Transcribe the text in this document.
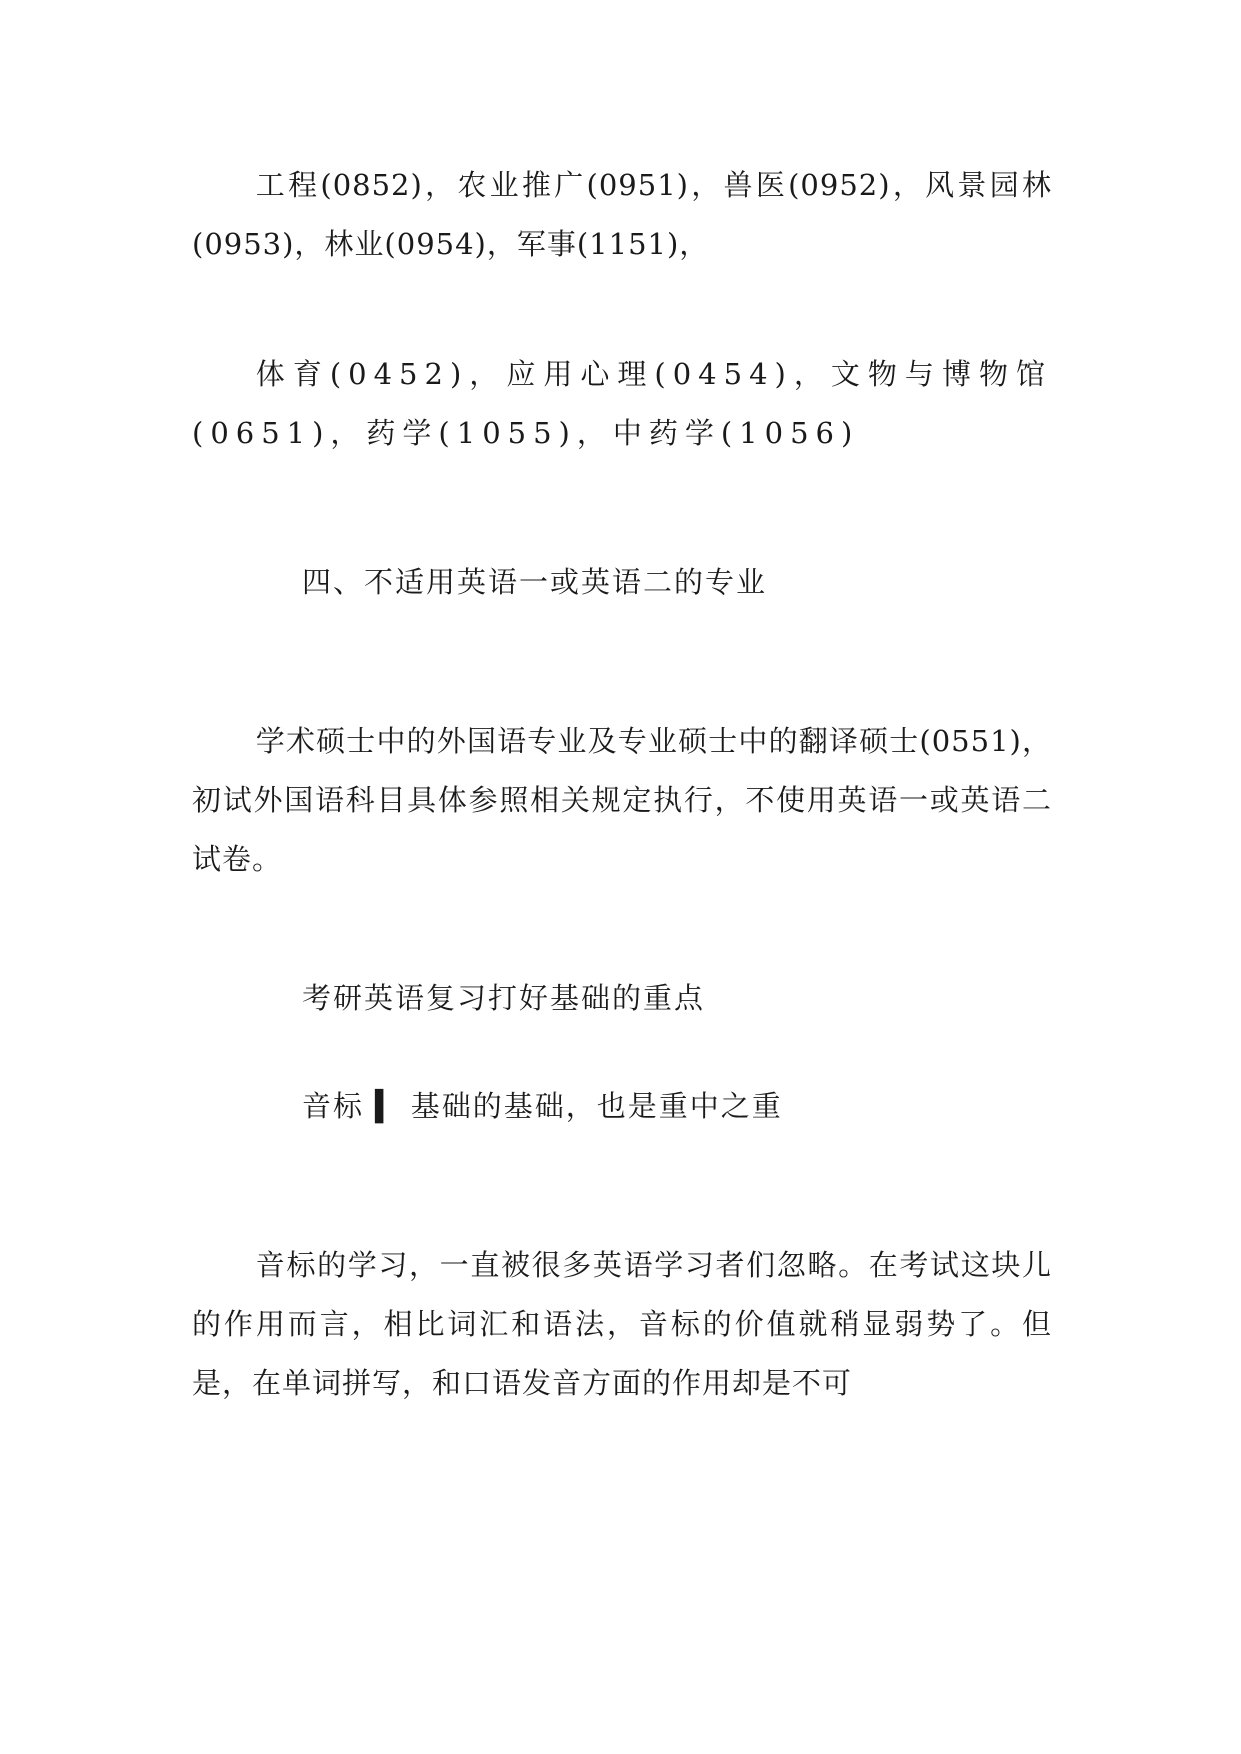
工程(0852)，农业推广(0951)，兽医(0952)，风景园林(0953)，林业(0954)，军事(1151)，

体育(0452)，应用心理(0454)，文物与博物馆(0651)，药学(1055)，中药学(1056)

四、不适用英语一或英语二的专业

学术硕士中的外国语专业及专业硕士中的翻译硕士(0551)，初试外国语科目具体参照相关规定执行，不使用英语一或英语二试卷。

考研英语复习打好基础的重点

音标 ▍ 基础的基础，也是重中之重

音标的学习，一直被很多英语学习者们忽略。在考试这块儿的作用而言，相比词汇和语法，音标的价值就稍显弱势了。但是，在单词拼写，和口语发音方面的作用却是不可
